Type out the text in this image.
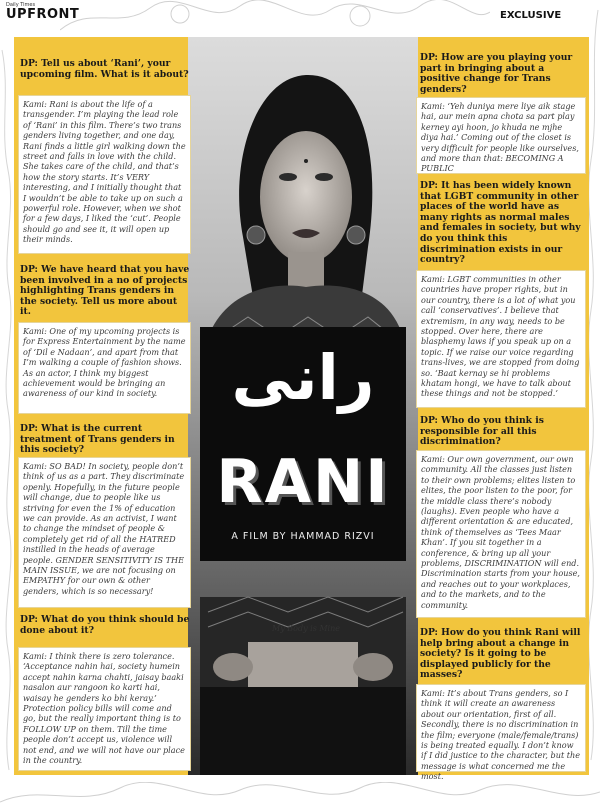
Daily Times
UPFRONT	EXCLUSIVE
My Body is Mine
رانی
RANI
A FILM BY HAMMAD RIZVI
DP: Tell us about ‘Rani’, your upcoming film. What is it about?
Kami: Rani is about the life of a transgender. I’m playing the lead role of ‘Rani’ in this film. There’s two trans genders living together, and one day, Rani finds a little girl walking down the street and falls in love with the child. She takes care of the child, and that’s how the story starts. It’s VERY interesting, and I initially thought that I wouldn’t be able to take up on such a powerful role. However, when we shot for a few days, I liked the ‘cut’. People should go and see it, it will open up their minds.
DP: We have heard that you have been involved in a no of projects highlighting Trans genders in the society. Tell us more about it.
Kami: One of my upcoming projects is for Express Entertainment by the name of ‘Dil e Nadaan’, and apart from that I’m walking a couple of fashion shows. As an actor, I think my biggest achievement would be bringing an awareness of our kind in society.
DP: What is the current treatment of Trans genders in this society?
Kami: SO BAD! In society, people don’t think of us as a part. They discriminate openly. Hopefully, in the future people will change, due to people like us striving for even the 1% of education we can provide. As an activist, I want to change the mindset of people & completely get rid of all the HATRED instilled in the heads of average people. GENDER SENSITIVITY IS THE MAIN ISSUE, we are not focusing on EMPATHY for our own & other genders, which is so necessary!
DP: What do you think should be done about it?
Kami: I think there is zero tolerance. ‘Acceptance nahin hai, society humein accept nahin karna chahti, jaisay baaki nasalon aur rangoon ko karti hai, waisay he genders ko bhi keray.’ Protection policy bills will come and go, but the really important thing is to FOLLOW UP on them. Till the time people don’t accept us, violence will not end, and we will not have our place in the country.
DP: How are you playing your part in bringing about a positive change for Trans genders?
Kami: ‘Yeh duniya mere liye aik stage hai, aur mein apna chota sa part play kerney ayi hoon, jo khuda ne mjhe diya hai.’ Coming out of the closet is very difficult for people like ourselves, and more than that: BECOMING A PUBLIC
DP: It has been widely known that LGBT community in other places of the world have as many rights as normal males and females in society, but why do you think this discrimination exists in our country?
Kami: LGBT communities in other countries have proper rights, but in our country, there is a lot of what you call ‘conservatives’. I believe that extremism, in any way, needs to be stopped. Over here, there are blasphemy laws if you speak up on a topic. If we raise our voice regarding trans-lives, we are stopped from doing so. ‘Baat kernay se hi problems khatam hongi, we have to talk about these things and not be stopped.’
DP: Who do you think is responsible for all this discrimination?
Kami: Our own government, our own community. All the classes just listen to their own problems; elites listen to elites, the poor listen to the poor, for the middle class there’s nobody (laughs). Even people who have a different orientation & are educated, think of themselves as ‘Tees Maar Khan’. If you sit together in a conference, & bring up all your problems, DISCRIMINATION will end. Discrimination starts from your house, and reaches out to your workplaces, and to the markets, and to the community.
DP: How do you think Rani will help bring about a change in society? Is it going to be displayed publicly for the masses?
Kami: It’s about Trans genders, so I think it will create an awareness about our orientation, first of all. Secondly, there is no discrimination in the film; everyone (male/female/trans) is being treated equally. I don’t know if I did justice to the character, but the message is what concerned me the most.
